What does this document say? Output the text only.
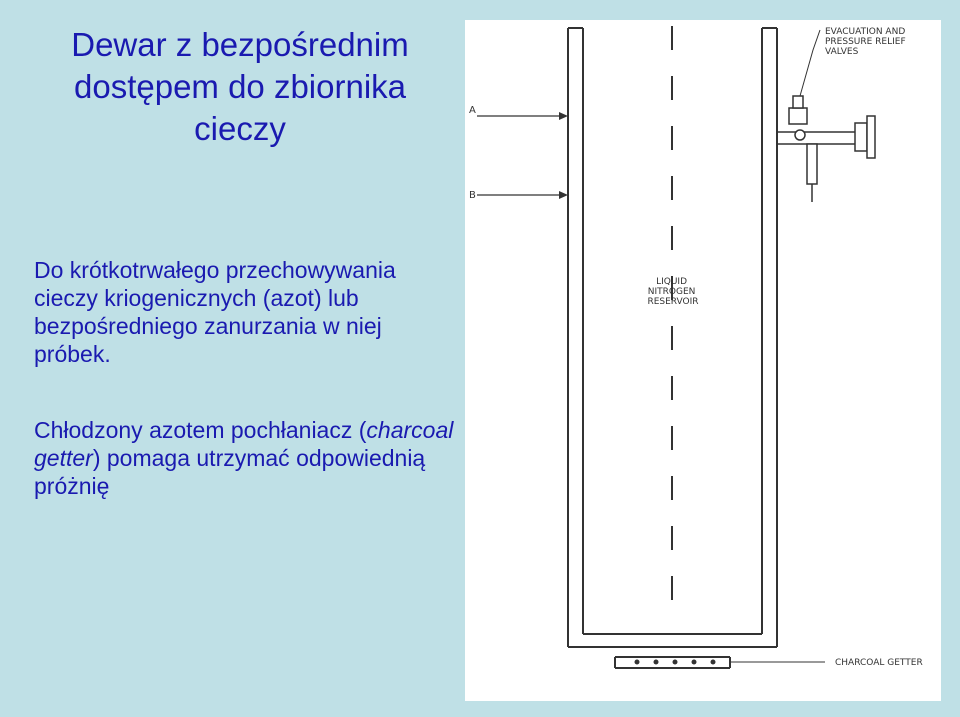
Dewar z bezpośrednim
dostępem do zbiornika
cieczy

Do krótkotrwałego przechowywania cieczy kriogenicznych (azot) lub bezpośredniego zanurzania w niej próbek.

Chłodzony azotem pochłaniacz (charcoal getter) pomaga utrzymać odpowiednią próżnię

A
B
EVACUATION AND PRESSURE RELIEF VALVES
LIQUID NITROGEN RESERVOIR
CHARCOAL GETTER
